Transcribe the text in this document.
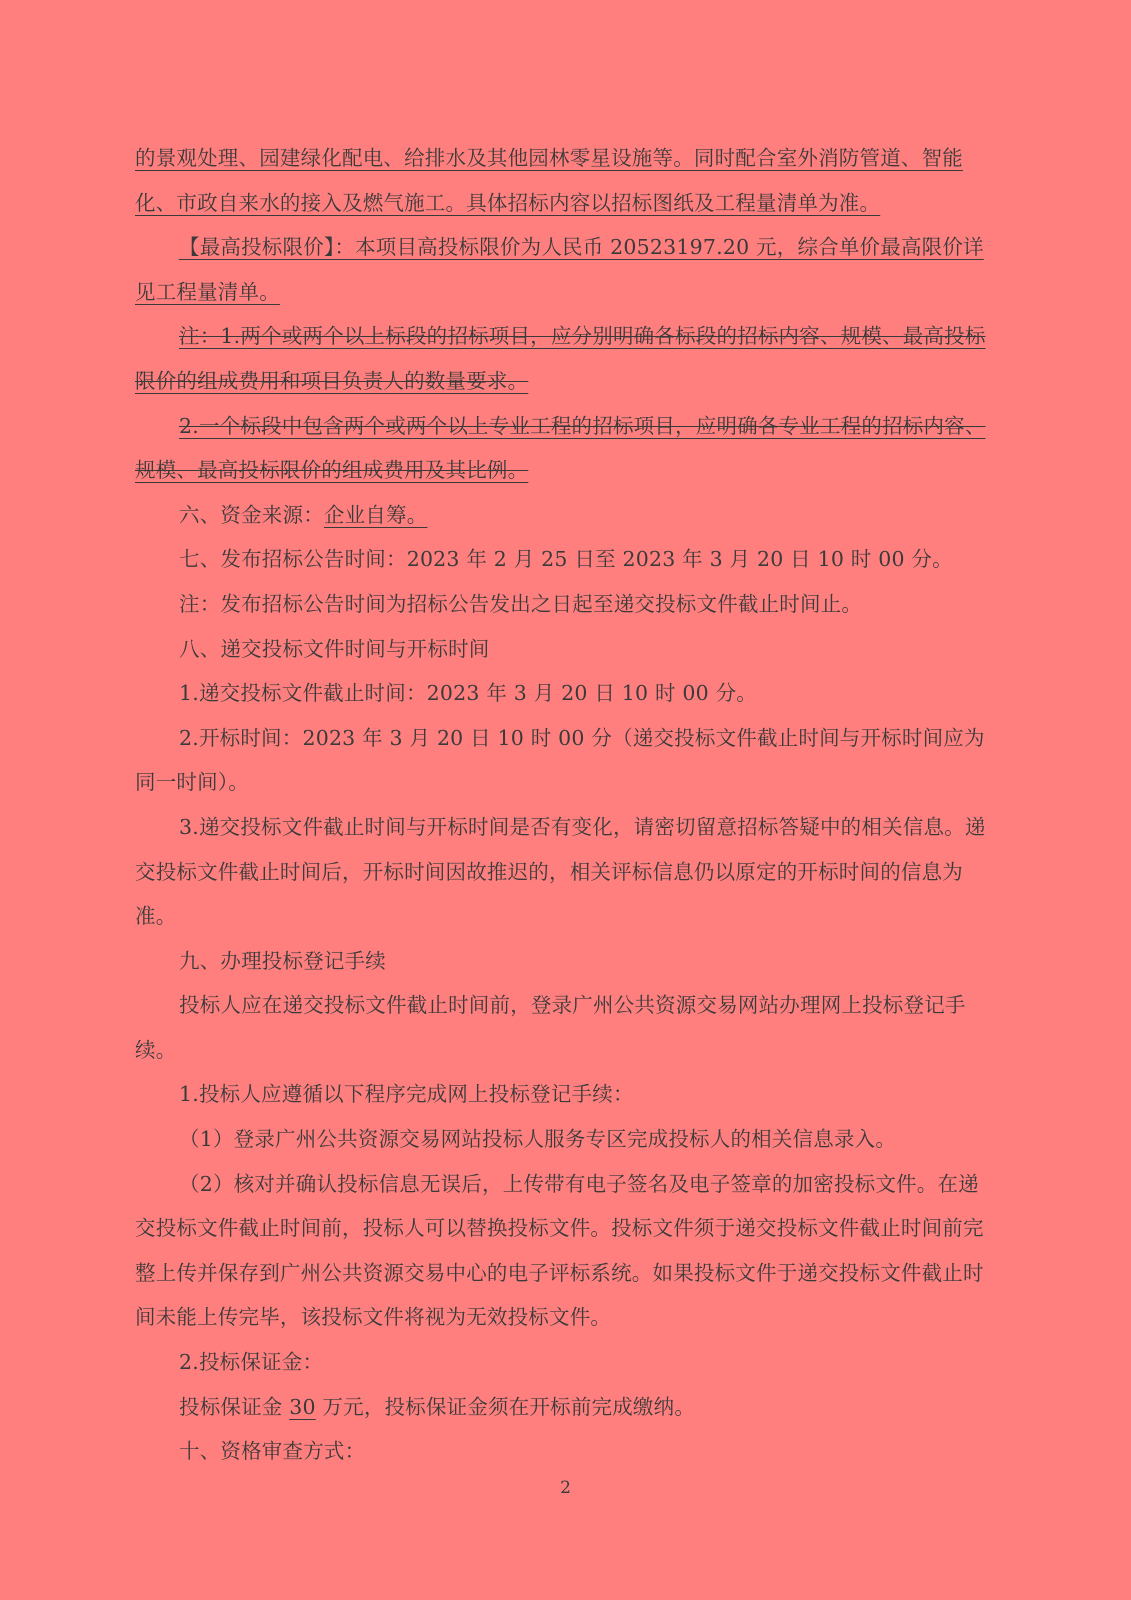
的景观处理、园建绿化配电、给排水及其他园林零星设施等。同时配合室外消防管道、智能化、市政自来水的接入及燃气施工。具体招标内容以招标图纸及工程量清单为准。

【最高投标限价】：本项目高投标限价为人民币 20523197.20 元，综合单价最高限价详见工程量清单。

注：1.两个或两个以上标段的招标项目，应分别明确各标段的招标内容、规模、最高投标限价的组成费用和项目负责人的数量要求。

2.一个标段中包含两个或两个以上专业工程的招标项目，应明确各专业工程的招标内容、规模、最高投标限价的组成费用及其比例。

六、资金来源：企业自筹。

七、发布招标公告时间：2023 年 2 月 25 日至 2023 年 3 月 20 日 10 时 00 分。

注：发布招标公告时间为招标公告发出之日起至递交投标文件截止时间止。

八、递交投标文件时间与开标时间

1.递交投标文件截止时间：2023 年 3 月 20 日 10 时 00 分。

2.开标时间：2023 年 3 月 20 日 10 时 00 分（递交投标文件截止时间与开标时间应为同一时间）。

3.递交投标文件截止时间与开标时间是否有变化，请密切留意招标答疑中的相关信息。递交投标文件截止时间后，开标时间因故推迟的，相关评标信息仍以原定的开标时间的信息为准。

九、办理投标登记手续

投标人应在递交投标文件截止时间前，登录广州公共资源交易网站办理网上投标登记手续。

1.投标人应遵循以下程序完成网上投标登记手续：

（1）登录广州公共资源交易网站投标人服务专区完成投标人的相关信息录入。

（2）核对并确认投标信息无误后，上传带有电子签名及电子签章的加密投标文件。在递交投标文件截止时间前，投标人可以替换投标文件。投标文件须于递交投标文件截止时间前完整上传并保存到广州公共资源交易中心的电子评标系统。如果投标文件于递交投标文件截止时间未能上传完毕，该投标文件将视为无效投标文件。

2.投标保证金：

投标保证金 30 万元，投标保证金须在开标前完成缴纳。

十、资格审查方式：

2
